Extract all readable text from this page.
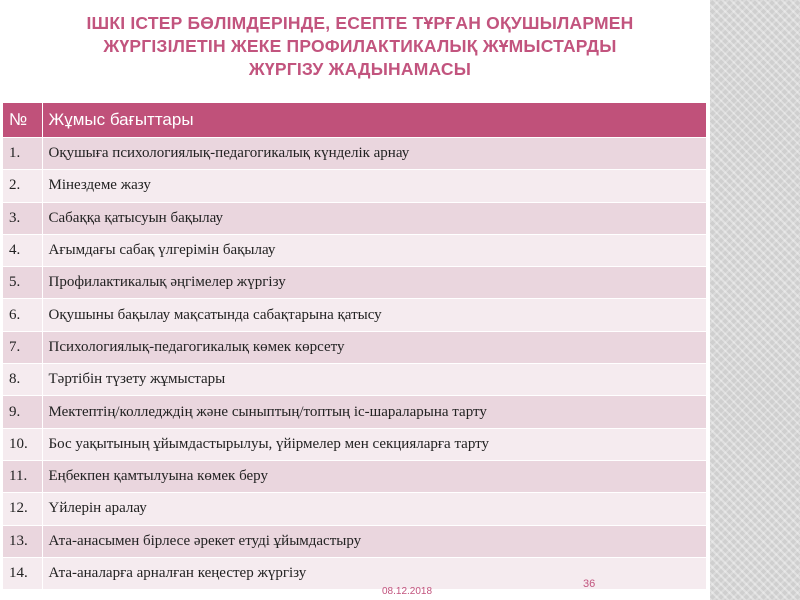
ІШКІ ІСТЕР БӨЛІМДЕРІНДЕ, ЕСЕПТЕ ТҰРҒАН ОҚУШЫЛАРМЕН
ЖҮРГІЗІЛЕТІН ЖЕКЕ ПРОФИЛАКТИКАЛЫҚ ЖҰМЫСТАРДЫ
ЖҮРГІЗУ ЖАДЫНАМАСЫ
№	Жұмыс бағыттары
1.	Оқушыға психологиялық-педагогикалық күнделік арнау
2.	Мінездеме жазу
3.	Сабаққа қатысуын бақылау
4.	Ағымдағы сабақ үлгерімін бақылау
5.	Профилактикалық әңгімелер жүргізу
6.	Оқушыны бақылау мақсатында сабақтарына қатысу
7.	Психологиялық-педагогикалық көмек көрсету
8.	Тәртібін түзету жұмыстары
9.	Мектептің/колледждің және сыныптың/топтың іс-шараларына тарту
10.	Бос уақытының ұйымдастырылуы, үйірмелер мен секцияларға тарту
11.	Еңбекпен қамтылуына көмек беру
12.	Үйлерін аралау
13.	Ата-анасымен бірлесе әрекет етуді ұйымдастыру
14.	Ата-аналарға арналған кеңестер жүргізу
08.12.2018
36
